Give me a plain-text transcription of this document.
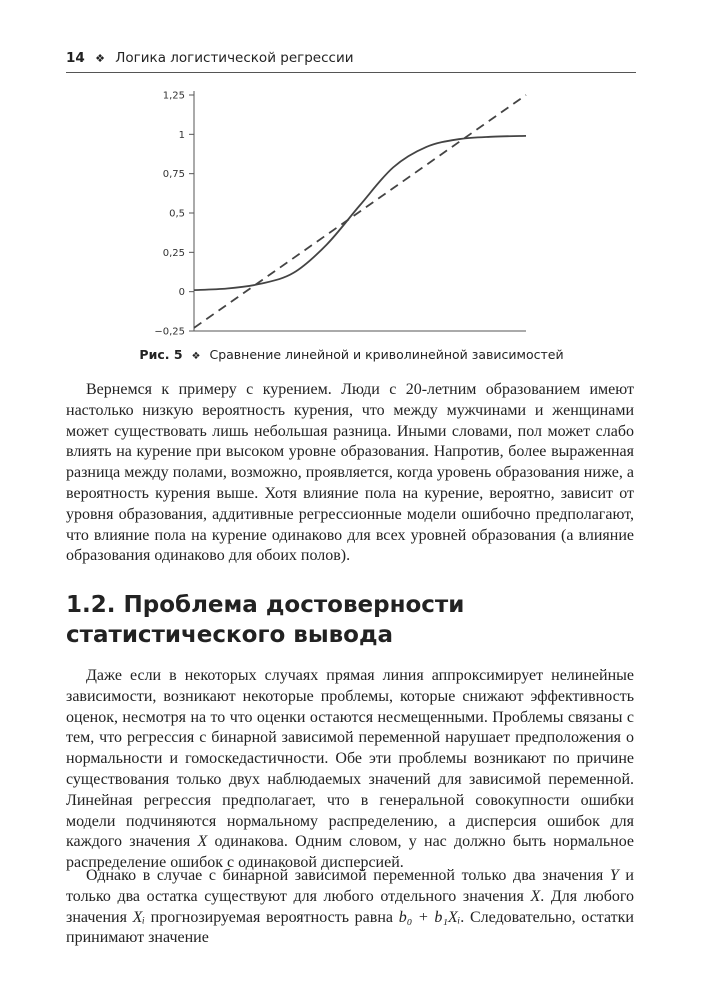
14 ❖ Логика логистической регрессии
1,25
1
0,75
0,5
0,25
0
−0,25
Рис. 5 ❖ Сравнение линейной и криволинейной зависимостей

Вернемся к примеру с курением. Люди с 20-летним образованием имеют настолько низкую вероятность курения, что между мужчинами и женщинами может существовать лишь небольшая разница. Иными словами, пол может слабо влиять на курение при высоком уровне образования. Напротив, более выраженная разница между полами, возможно, проявляется, когда уровень образования ниже, а вероятность курения выше. Хотя влияние пола на курение, вероятно, зависит от уровня образования, аддитивные регрессионные модели ошибочно предполагают, что влияние пола на курение одинаково для всех уровней образования (а влияние образования одинаково для обоих полов).

1.2. Проблема достоверности статистического вывода

Даже если в некоторых случаях прямая линия аппроксимирует нелинейные зависимости, возникают некоторые проблемы, которые снижают эффективность оценок, несмотря на то что оценки остаются несмещенными. Проблемы связаны с тем, что регрессия с бинарной зависимой переменной нарушает предположения о нормальности и гомоскедастичности. Обе эти проблемы возникают по причине существования только двух наблюдаемых значений для зависимой переменной. Линейная регрессия предполагает, что в генеральной совокупности ошибки модели подчиняются нормальному распределению, а дисперсия ошибок для каждого значения X одинакова. Одним словом, у нас должно быть нормальное распределение ошибок с одинаковой дисперсией.

Однако в случае с бинарной зависимой переменной только два значения Y и только два остатка существуют для любого отдельного значения X. Для любого значения Xᵢ прогнозируемая вероятность равна b₀ + b₁Xᵢ. Следовательно, остатки принимают значение
